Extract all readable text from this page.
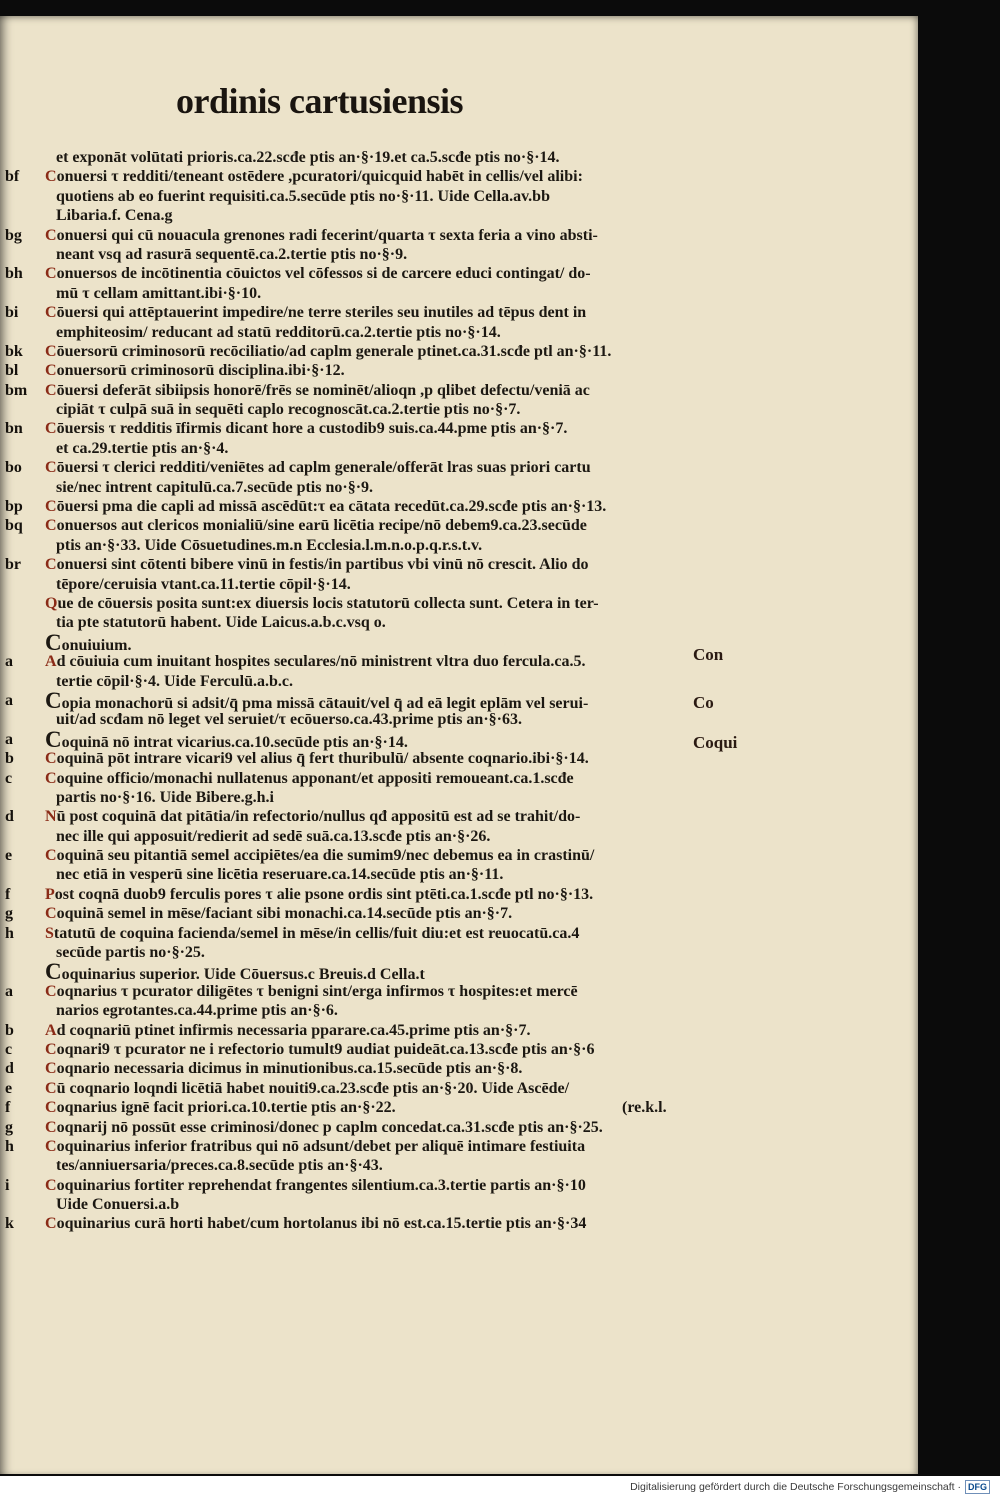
ordinis cartusiensis
et exponāt volūtati prioris.ca.22.scđe ptis an·§·19.et ca.5.scđe ptis no·§·14.
bf Conuersi τ redditi/teneant ostēdere ,pcuratori/quicquid habēt in cellis/vel alibi:
quotiens ab eo fuerint requisiti.ca.5.secūde ptis no·§·11. Uide Cella.av.bb
Libaria.f. Cena.g
bg Conuersi qui cū nouacula grenones radi fecerint/quarta τ sexta feria a vino absti-
neant vsq ad rasurā sequentē.ca.2.tertie ptis no·§·9.
bh Conuersos de incōtinentia cōuictos vel cōfessos si de carcere educi contingat/ do-
mū τ cellam amittant.ibi·§·10.
bi Cōuersi qui attēptauerint impedire/ne terre steriles seu inutiles ad tēpus dent in
emphiteosim/ reducant ad statū redditorū.ca.2.tertie ptis no·§·14.
bk Cōuersorū criminosorū recōciliatio/ad caplm generale ptinet.ca.31.scđe ptl an·§·11.
bl Conuersorū criminosorū disciplina.ibi·§·12.
bm Cōuersi deferāt sibiipsis honorē/frēs se nominēt/alioqn ,p qlibet defectu/veniā ac
cipiāt τ culpā suā in sequēti caplo recognoscāt.ca.2.tertie ptis no·§·7.
bn Cōuersis τ redditis īfirmis dicant hore a custodib9 suis.ca.44.pme ptis an·§·7.
et ca.29.tertie ptis an·§·4.
bo Cōuersi τ clerici redditi/veniētes ad caplm generale/offerāt lras suas priori cartu
sie/nec intrent capitulū.ca.7.secūde ptis no·§·9.
bp Cōuersi pma die capli ad missā ascēdūt:τ ea cātata recedūt.ca.29.scđe ptis an·§·13.
bq Conuersos aut clericos monialiū/sine earū licētia recipe/nō debem9.ca.23.secūde
ptis an·§·33. Uide Cōsuetudines.m.n Ecclesia.l.m.n.o.p.q.r.s.t.v.
br Conuersi sint cōtenti bibere vinū in festis/in partibus vbi vinū nō crescit. Alio do
tēpore/ceruisia vtant.ca.11.tertie cōpil·§·14.
Que de cōuersis posita sunt:ex diuersis locis statutorū collecta sunt. Cetera in ter-
tia pte statutorū habent. Uide Laicus.a.b.c.vsq o.
Conuiuium.
a Ad cōuiuia cum inuitant hospites seculares/nō ministrent vltra duo fercula.ca.5.
tertie cōpil·§·4. Uide Ferculū.a.b.c.
a Copia monachorū si adsit/q̄ pma missā cātauit/vel q̄ ad eā legit eplām vel serui-
uit/ad scđam nō leget vel seruiet/τ ecōuerso.ca.43.prime ptis an·§·63.
a Coquinā nō intrat vicarius.ca.10.secūde ptis an·§·14.
b Coquinā pōt intrare vicari9 vel alius q̄ fert thuribulū/ absente coqnario.ibi·§·14.
c Coquine officio/monachi nullatenus apponant/et appositi remoueant.ca.1.scđe
partis no·§·16. Uide Bibere.g.h.i
d Nū post coquinā dat pitātia/in refectorio/nullus qđ appositū est ad se trahit/do-
nec ille qui apposuit/redierit ad sedē suā.ca.13.scđe ptis an·§·26.
e Coquinā seu pitantiā semel accipiētes/ea die sumim9/nec debemus ea in crastinū/
nec etiā in vesperū sine licētia reseruare.ca.14.secūde ptis an·§·11.
f Post coqnā duob9 ferculis pores τ alie psone ordis sint ptēti.ca.1.scđe ptl no·§·13.
g Coquinā semel in mēse/faciant sibi monachi.ca.14.secūde ptis an·§·7.
h Statutū de coquina facienda/semel in mēse/in cellis/fuit diu:et est reuocatū.ca.4
secūde partis no·§·25.
Coquinarius superior. Uide Cōuersus.c Breuis.d Cella.t
a Coqnarius τ pcurator diligētes τ benigni sint/erga infirmos τ hospites:et mercē
narios egrotantes.ca.44.prime ptis an·§·6.
b Ad coqnariū ptinet infirmis necessaria pparare.ca.45.prime ptis an·§·7.
c Coqnari9 τ pcurator ne i refectorio tumult9 audiat puideāt.ca.13.scđe ptis an·§·6
d Coqnario necessaria dicimus in minutionibus.ca.15.secūde ptis an·§·8.
e Cū coqnario loqndi licētiā habet nouiti9.ca.23.scđe ptis an·§·20. Uide Ascēde/
f Coqnarius ignē facit priori.ca.10.tertie ptis an·§·22.	(re.k.l.
g Coqnarij nō possūt esse criminosi/donec p caplm concedat.ca.31.scđe ptis an·§·25.
h Coquinarius inferior fratribus qui nō adsunt/debet per aliquē intimare festiuita
tes/anniuersaria/preces.ca.8.secūde ptis an·§·43.
i Coquinarius fortiter reprehendat frangentes silentium.ca.3.tertie partis an·§·10
Uide Conuersi.a.b
k Coquinarius curā horti habet/cum hortolanus ibi nō est.ca.15.tertie ptis an·§·34
Con
Co
Coqui
Digitalisierung gefördert durch die Deutsche Forschungsgemeinschaft · DFG
